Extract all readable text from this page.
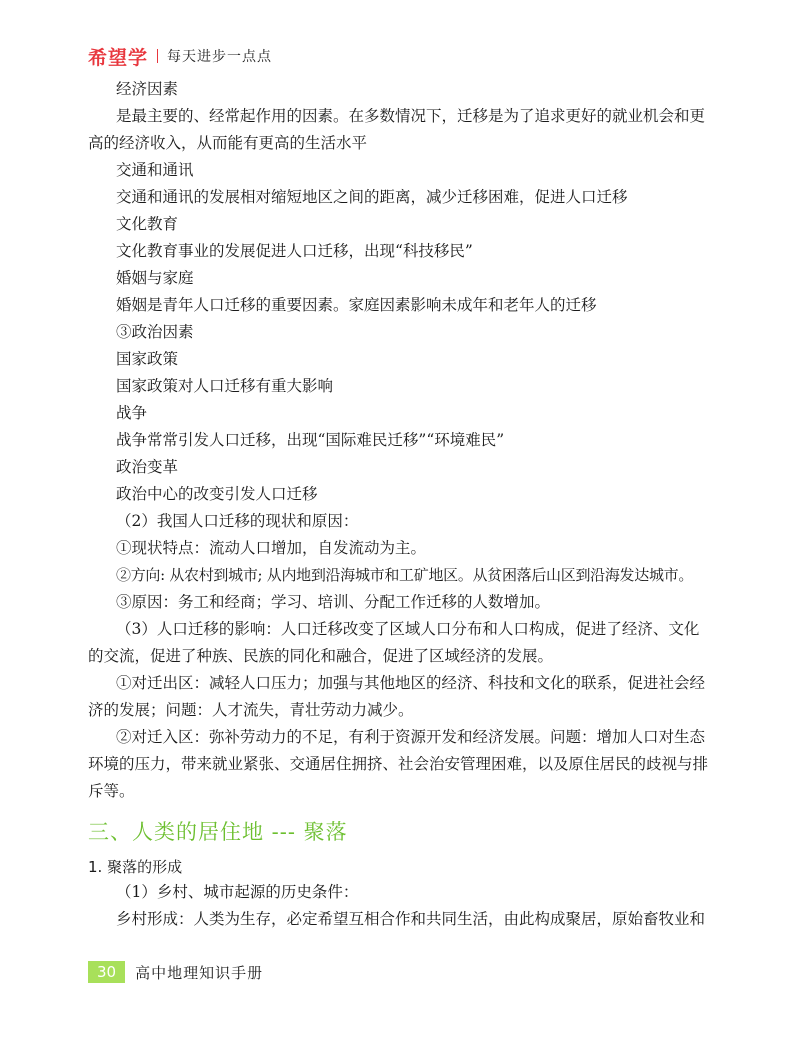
希望学 每天进步一点点
经济因素
是最主要的、经常起作用的因素。在多数情况下，迁移是为了追求更好的就业机会和更
高的经济收入，从而能有更高的生活水平
交通和通讯
交通和通讯的发展相对缩短地区之间的距离，减少迁移困难，促进人口迁移
文化教育
文化教育事业的发展促进人口迁移，出现“科技移民”
婚姻与家庭
婚姻是青年人口迁移的重要因素。家庭因素影响未成年和老年人的迁移
③政治因素
国家政策
国家政策对人口迁移有重大影响
战争
战争常常引发人口迁移，出现“国际难民迁移”“环境难民”
政治变革
政治中心的改变引发人口迁移
（2）我国人口迁移的现状和原因：
①现状特点：流动人口增加，自发流动为主。
②方向: 从农村到城市; 从内地到沿海城市和工矿地区。从贫困落后山区到沿海发达城市。
③原因：务工和经商；学习、培训、分配工作迁移的人数增加。
（3）人口迁移的影响：人口迁移改变了区域人口分布和人口构成，促进了经济、文化
的交流，促进了种族、民族的同化和融合，促进了区域经济的发展。
①对迁出区：减轻人口压力；加强与其他地区的经济、科技和文化的联系，促进社会经
济的发展；问题：人才流失，青壮劳动力减少。
②对迁入区：弥补劳动力的不足，有利于资源开发和经济发展。问题：增加人口对生态
环境的压力，带来就业紧张、交通居住拥挤、社会治安管理困难，以及原住居民的歧视与排
斥等。
三、人类的居住地 --- 聚落
1. 聚落的形成
（1）乡村、城市起源的历史条件：
乡村形成：人类为生存，必定希望互相合作和共同生活，由此构成聚居，原始畜牧业和
30	高中地理知识手册
